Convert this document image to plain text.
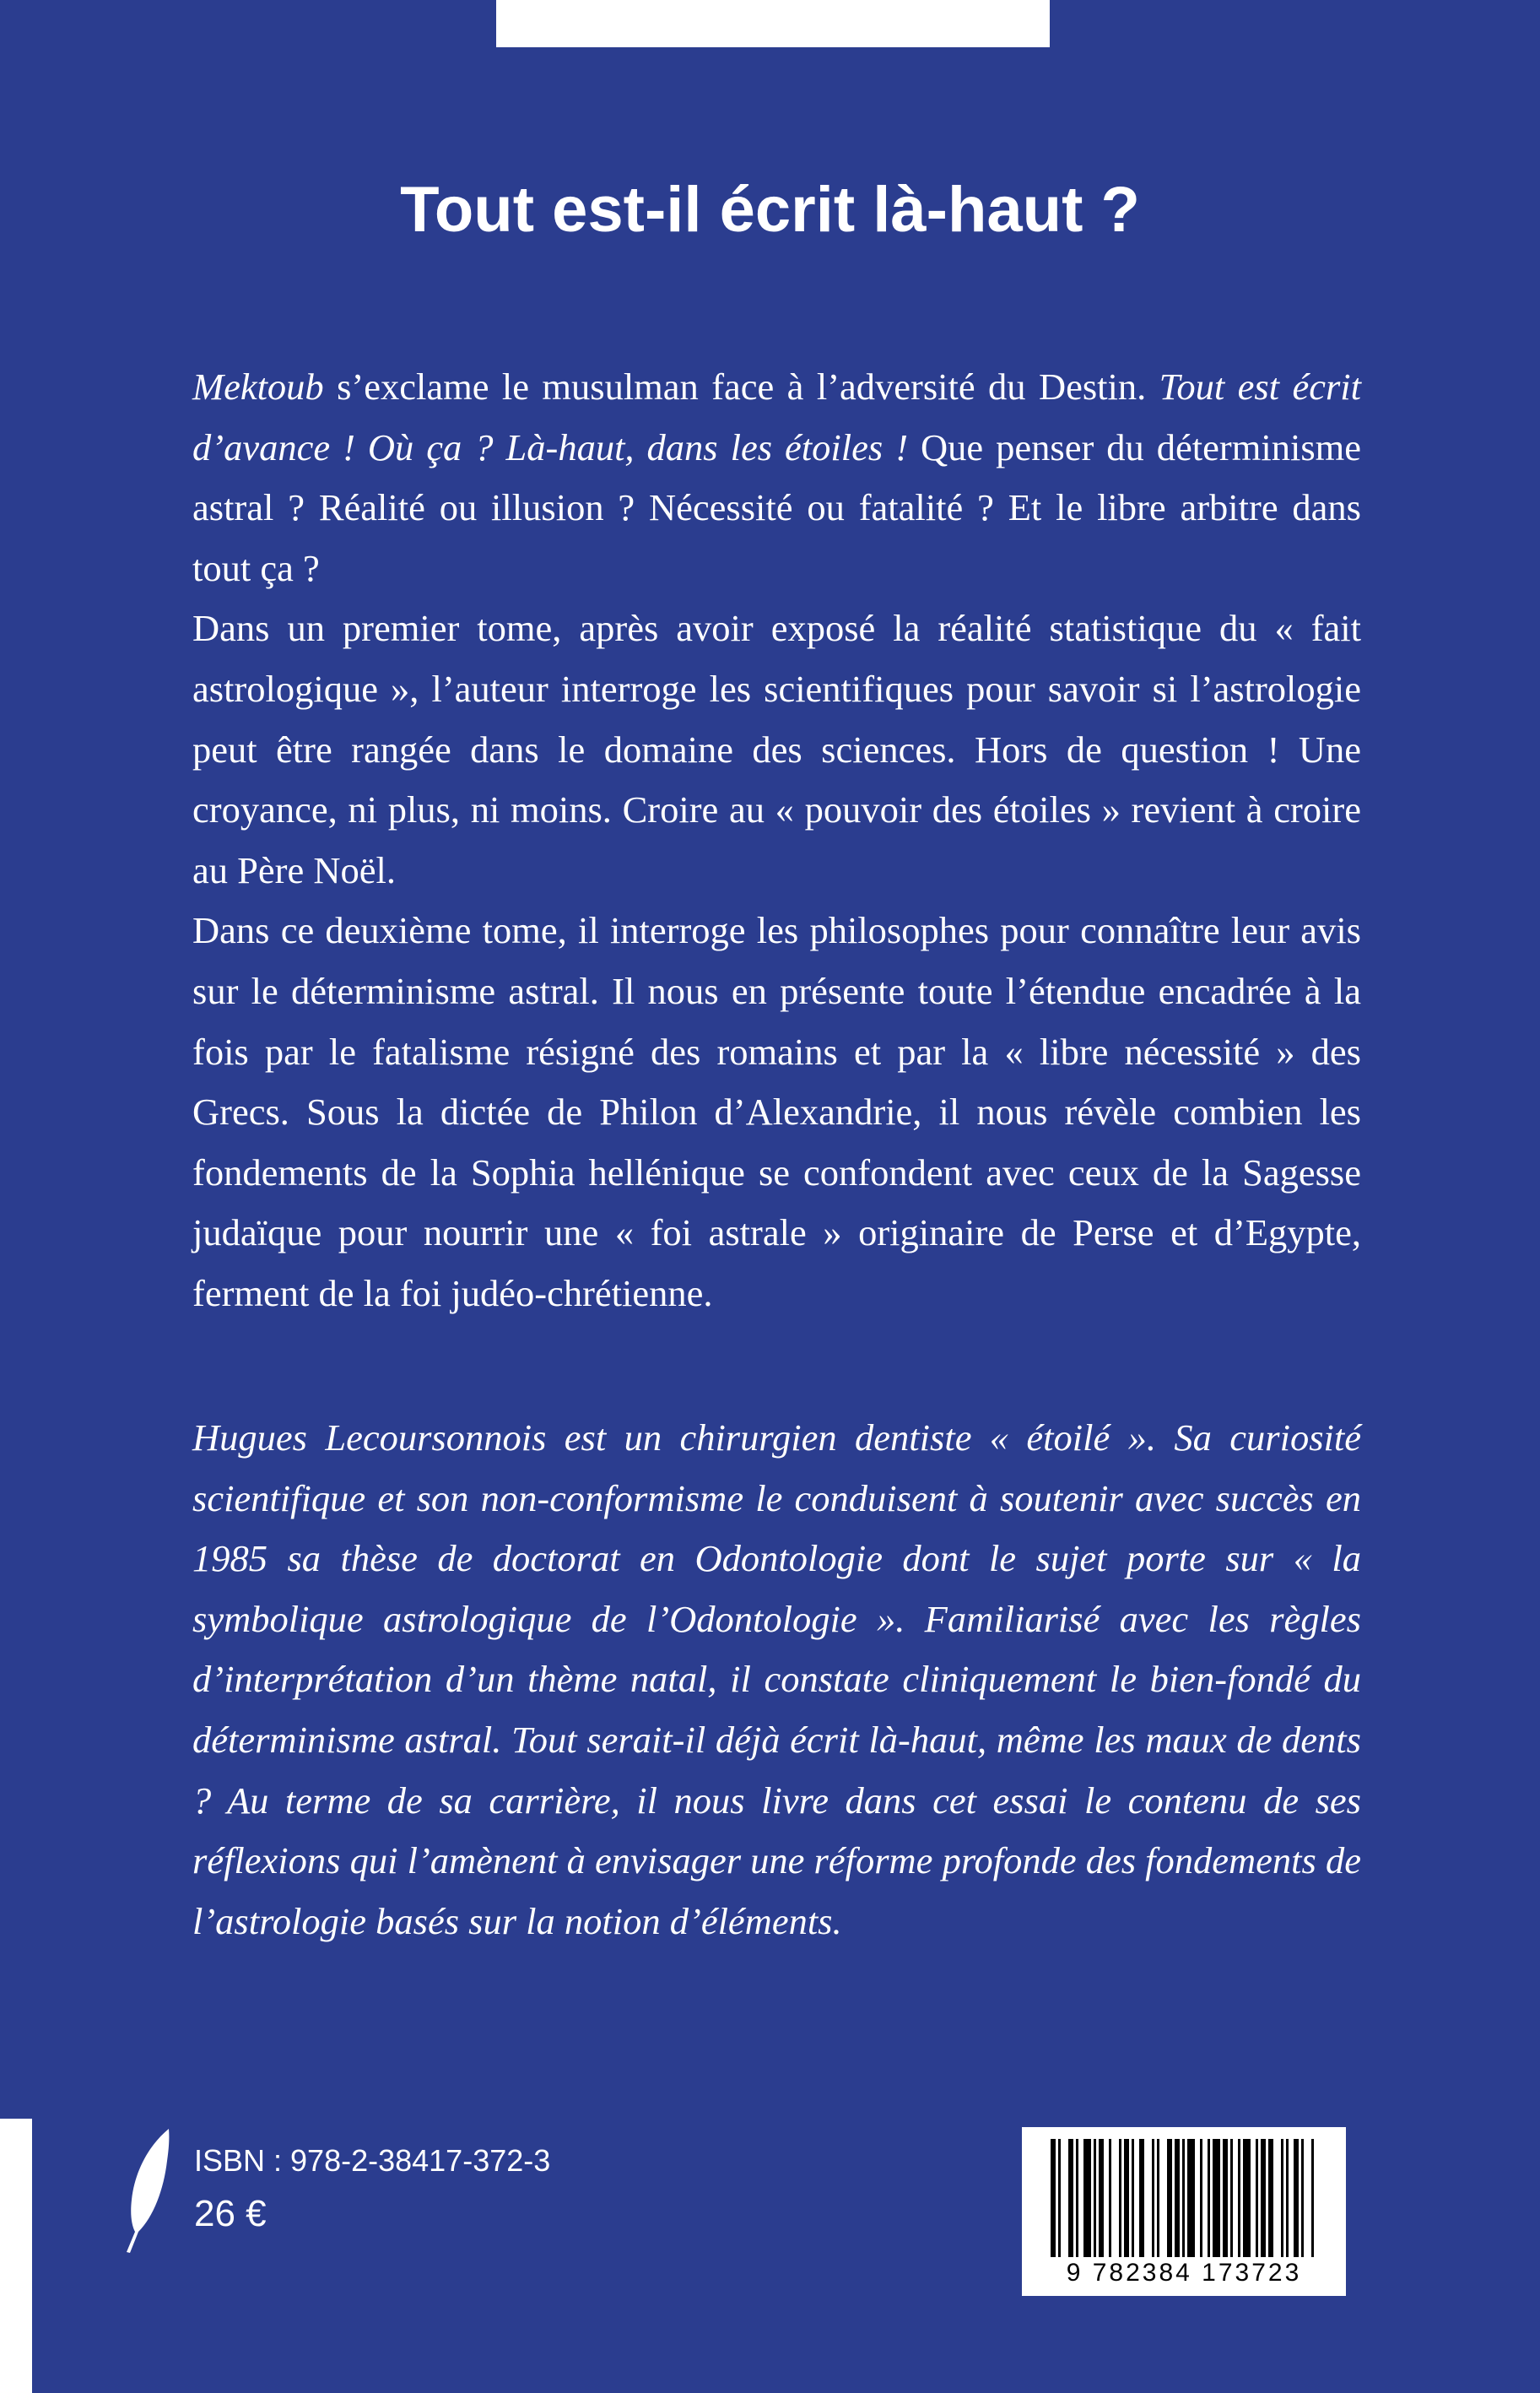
Tout est-il écrit là-haut ?

Mektoub s’exclame le musulman face à l’adversité du Destin. Tout est écrit d’avance ! Où ça ? Là-haut, dans les étoiles ! Que penser du déterminisme astral ? Réalité ou illusion ? Nécessité ou fatalité ? Et le libre arbitre dans tout ça ?

Dans un premier tome, après avoir exposé la réalité statistique du « fait astrologique », l’auteur interroge les scientifiques pour savoir si l’astrologie peut être rangée dans le domaine des sciences. Hors de question ! Une croyance, ni plus, ni moins. Croire au « pouvoir des étoiles » revient à croire au Père Noël.

Dans ce deuxième tome, il interroge les philosophes pour connaître leur avis sur le déterminisme astral. Il nous en présente toute l’étendue encadrée à la fois par le fatalisme résigné des romains et par la « libre nécessité » des Grecs. Sous la dictée de Philon d’Alexandrie, il nous révèle combien les fondements de la Sophia hellénique se confondent avec ceux de la Sagesse judaïque pour nourrir une « foi astrale » originaire de Perse et d’Egypte, ferment de la foi judéo-chrétienne.

Hugues Lecoursonnois est un chirurgien dentiste « étoilé ». Sa curiosité scientifique et son non-conformisme le conduisent à soutenir avec succès en 1985 sa thèse de doctorat en Odontologie dont le sujet porte sur « la symbolique astrologique de l’Odontologie ». Familiarisé avec les règles d’interprétation d’un thème natal, il constate cliniquement le bien-fondé du déterminisme astral. Tout serait-il déjà écrit là-haut, même les maux de dents ? Au terme de sa carrière, il nous livre dans cet essai le contenu de ses réflexions qui l’amènent à envisager une réforme profonde des fondements de l’astrologie basés sur la notion d’éléments.

ISBN : 978-2-38417-372-3
26 €
9 782384 173723
